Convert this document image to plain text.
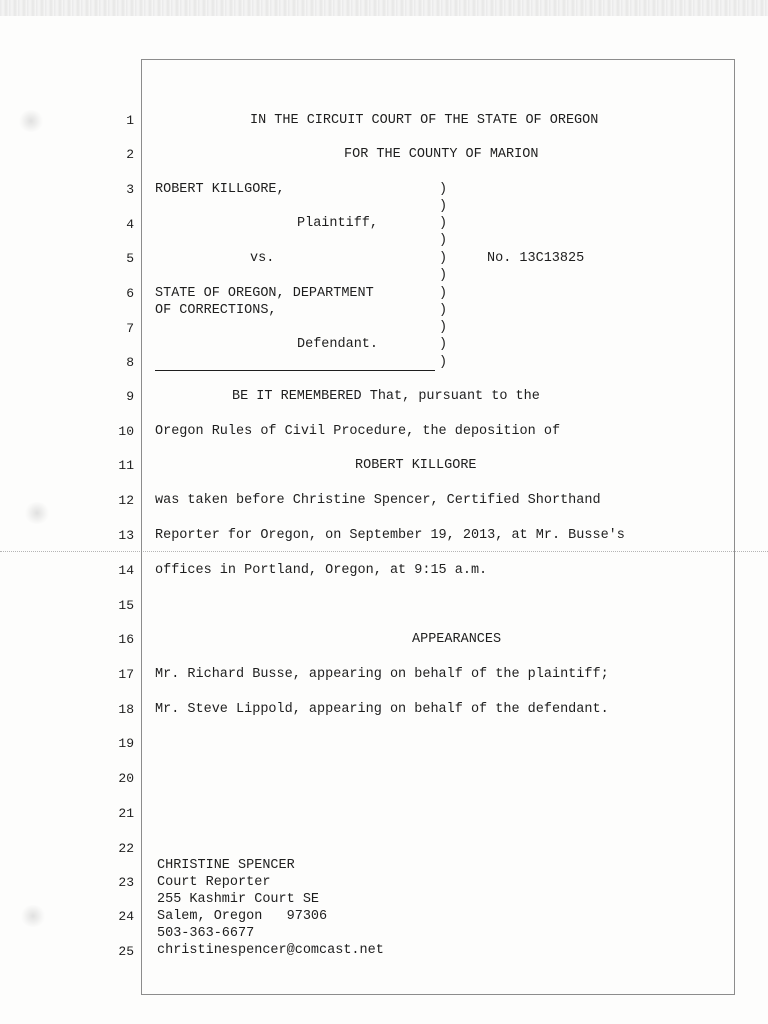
1
2
3
4
5
6
7
8
9
10
11
12
13
14
15
16
17
18
19
20
21
22
23
24
25
IN THE CIRCUIT COURT OF THE STATE OF OREGON
FOR THE COUNTY OF MARION
ROBERT KILLGORE,
Plaintiff,
vs.
STATE OF OREGON, DEPARTMENT
OF CORRECTIONS,
Defendant.
)
)
)
)
)
)
)
)
)
)
)
No. 13C13825
BE IT REMEMBERED That, pursuant to the
Oregon Rules of Civil Procedure, the deposition of
ROBERT KILLGORE
was taken before Christine Spencer, Certified Shorthand
Reporter for Oregon, on September 19, 2013, at Mr. Busse's
offices in Portland, Oregon, at 9:15 a.m.
APPEARANCES
Mr. Richard Busse, appearing on behalf of the plaintiff;
Mr. Steve Lippold, appearing on behalf of the defendant.
CHRISTINE SPENCER
Court Reporter
255 Kashmir Court SE
Salem, Oregon   97306
503-363-6677
christinespencer@comcast.net
